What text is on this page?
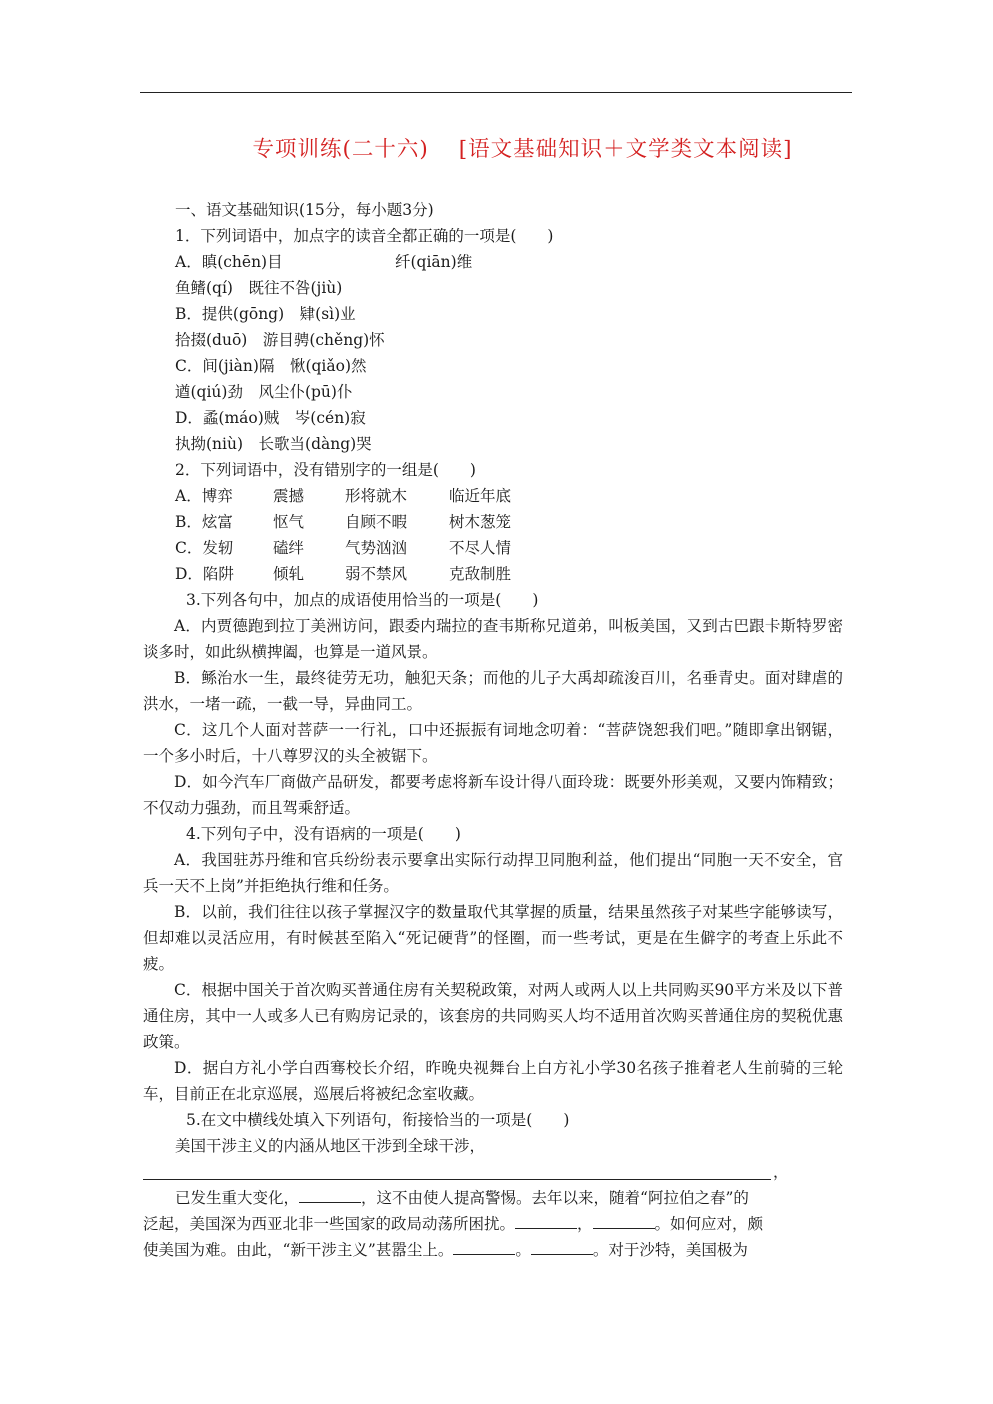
专项训练(二十六) [语文基础知识＋文学类文本阅读]
一、语文基础知识(15分，每小题3分)
1．下列词语中，加点字的读音全都正确的一项是(　　)
A．瞋(chēn)目	纤(qiān)维
鱼鳍(qí)　既往不咎(jiù)
B．提供(gōng)　肄(sì)业
拾掇(duō)　游目骋(chěng)怀
C．间(jiàn)隔　愀(qiǎo)然
遒(qiú)劲　风尘仆(pū)仆
D．蟊(máo)贼　岑(cén)寂
执拗(niù)　长歌当(dàng)哭
2．下列词语中，没有错别字的一组是(　　)
A．博弈	震撼	形将就木	临近年底
B．炫富	怄气	自顾不暇	树木葱笼
C．发轫	磕绊	气势汹汹	不尽人情
D．陷阱	倾轧	弱不禁风	克敌制胜
3.下列各句中，加点的成语使用恰当的一项是(　　)
A．内贾德跑到拉丁美洲访问，跟委内瑞拉的查韦斯称兄道弟，叫板美国，又到古巴跟卡斯特罗密谈多时，如此纵横捭阖，也算是一道风景。
B．鲧治水一生，最终徒劳无功，触犯天条；而他的儿子大禹却疏浚百川，名垂青史。面对肆虐的洪水，一堵一疏，一截一导，异曲同工。
C．这几个人面对菩萨一一行礼，口中还振振有词地念叨着：“菩萨饶恕我们吧。”随即拿出钢锯，一个多小时后，十八尊罗汉的头全被锯下。
D．如今汽车厂商做产品研发，都要考虑将新车设计得八面玲珑：既要外形美观，又要内饰精致；不仅动力强劲，而且驾乘舒适。
4.下列句子中，没有语病的一项是(　　)
A．我国驻苏丹维和官兵纷纷表示要拿出实际行动捍卫同胞利益，他们提出“同胞一天不安全，官兵一天不上岗”并拒绝执行维和任务。
B．以前，我们往往以孩子掌握汉字的数量取代其掌握的质量，结果虽然孩子对某些字能够读写，但却难以灵活应用，有时候甚至陷入“死记硬背”的怪圈，而一些考试，更是在生僻字的考查上乐此不疲。
C．根据中国关于首次购买普通住房有关契税政策，对两人或两人以上共同购买90平方米及以下普通住房，其中一人或多人已有购房记录的，该套房的共同购买人均不适用首次购买普通住房的契税优惠政策。
D．据白方礼小学白西骞校长介绍，昨晚央视舞台上白方礼小学30名孩子推着老人生前骑的三轮车，目前正在北京巡展，巡展后将被纪念室收藏。
5.在文中横线处填入下列语句，衔接恰当的一项是(　　)
美国干涉主义的内涵从地区干涉到全球干涉，
，
已发生重大变化，	，这不由使人提高警惕。去年以来，随着“阿拉伯之春”的
泛起，美国深为西亚北非一些国家的政局动荡所困扰。	，	。如何应对，颇
使美国为难。由此，“新干涉主义”甚嚣尘上。	。	。对于沙特，美国极为
